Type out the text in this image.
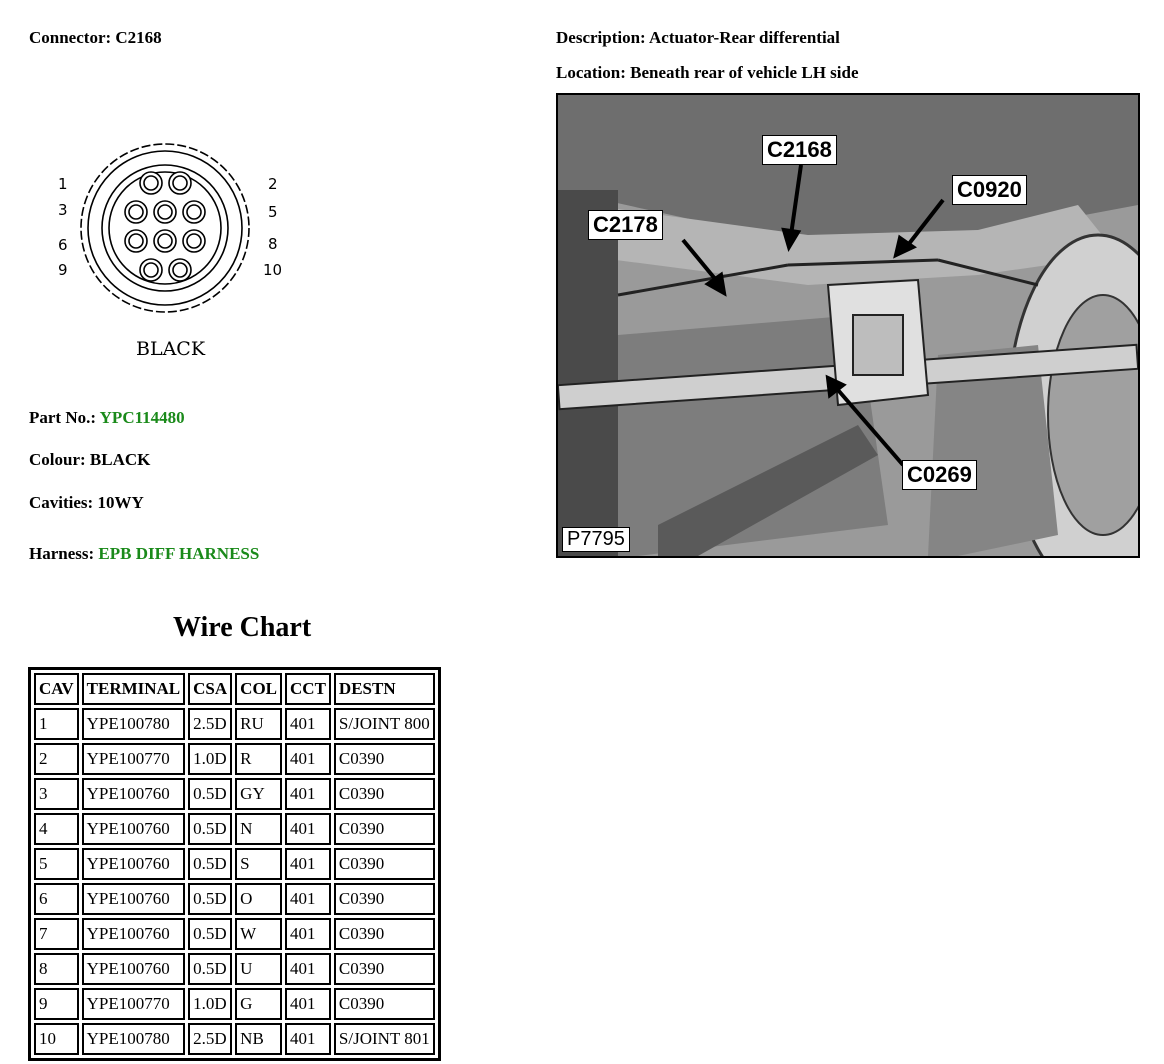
Connector: C2168	Description: Actuator-Rear differential
Location: Beneath rear of vehicle LH side
1
3
6
9
2
5
8
10
BLACK
Part No.: YPC114480
Colour: BLACK
Cavities: 10WY
Harness: EPB DIFF HARNESS
C2168
C0920
C2178
C0269
P7795
Wire Chart
CAV	TERMINAL	CSA	COL	CCT	DESTN
1	YPE100780	2.5D	RU	401	S/JOINT 800
2	YPE100770	1.0D	R	401	C0390
3	YPE100760	0.5D	GY	401	C0390
4	YPE100760	0.5D	N	401	C0390
5	YPE100760	0.5D	S	401	C0390
6	YPE100760	0.5D	O	401	C0390
7	YPE100760	0.5D	W	401	C0390
8	YPE100760	0.5D	U	401	C0390
9	YPE100770	1.0D	G	401	C0390
10	YPE100780	2.5D	NB	401	S/JOINT 801
